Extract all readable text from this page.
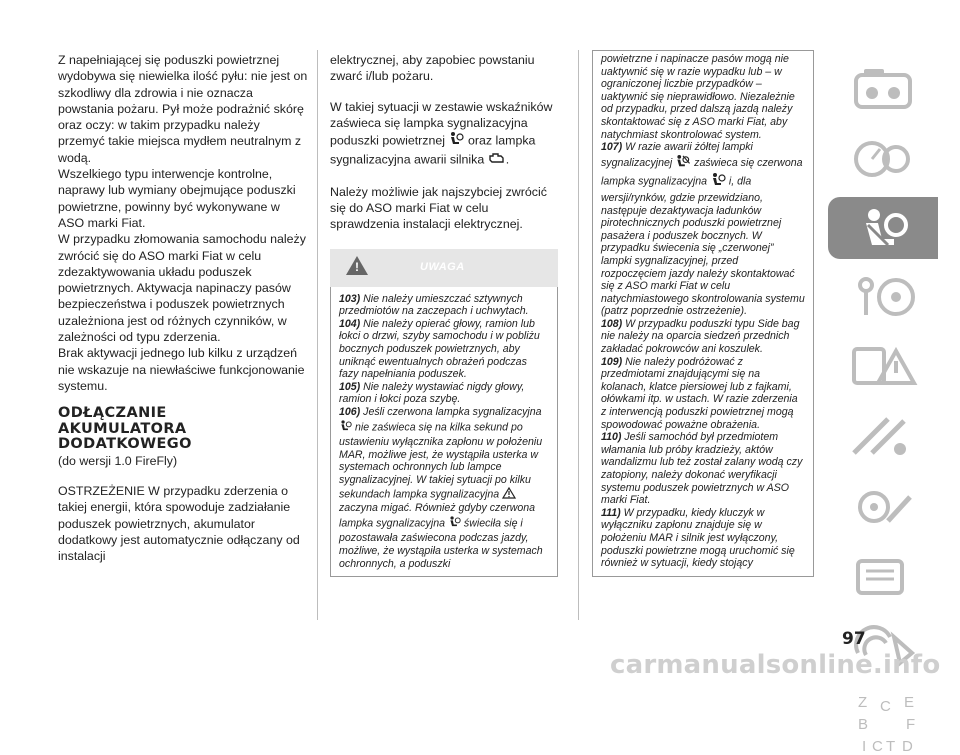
Z napełniającej się poduszki powietrznej wydobywa się niewielka ilość pyłu: nie jest on szkodliwy dla zdrowia i nie oznacza powstania pożaru. Pył może podrażnić skórę oraz oczy: w takim przypadku należy przemyć takie miejsca mydłem neutralnym z wodą.

Wszelkiego typu interwencje kontrolne, naprawy lub wymiany obejmujące poduszki powietrzne, powinny być wykonywane w ASO marki Fiat.

W przypadku złomowania samochodu należy zwrócić się do ASO marki Fiat w celu zdezaktywowania układu poduszek powietrznych. Aktywacja napinaczy pasów bezpieczeństwa i poduszek powietrznych uzależniona jest od różnych czynników, w zależności od typu zderzenia.

Brak aktywacji jednego lub kilku z urządzeń nie wskazuje na niewłaściwe funkcjonowanie systemu.

ODŁĄCZANIE
AKUMULATORA
DODATKOWEGO

(do wersji 1.0 FireFly)

OSTRZEŻENIE W przypadku zderzenia o takiej energii, która spowoduje zadziałanie poduszek powietrznych, akumulator dodatkowy jest automatycznie odłączany od instalacji

elektrycznej, aby zapobiec powstaniu zwarć i/lub pożaru.

W takiej sytuacji w zestawie wskaźników zaświeca się lampka sygnalizacyjna poduszki powietrznej oraz lampka sygnalizacyjna awarii silnika .

Należy możliwie jak najszybciej zwrócić się do ASO marki Fiat w celu sprawdzenia instalacji elektrycznej.

!	UWAGA

103) Nie należy umieszczać sztywnych przedmiotów na zaczepach i uchwytach.

104) Nie należy opierać głowy, ramion lub łokci o drzwi, szyby samochodu i w pobliżu bocznych poduszek powietrznych, aby uniknąć ewentualnych obrażeń podczas fazy napełniania poduszek.

105) Nie należy wystawiać nigdy głowy, ramion i łokci poza szybę.

106) Jeśli czerwona lampka sygnalizacyjna  nie zaświeca się na kilka sekund po ustawieniu wyłącznika zapłonu w położeniu MAR, możliwe jest, że wystąpiła usterka w systemach ochronnych lub lampce sygnalizacyjnej. W takiej sytuacji po kilku sekundach lampka sygnalizacyjna  zaczyna migać. Również gdyby czerwona lampka sygnalizacyjna świeciła się i pozostawała zaświecona podczas jazdy, możliwe, że wystąpiła usterka w systemach ochronnych, a poduszki

powietrzne i napinacze pasów mogą nie uaktywnić się w razie wypadku lub – w ograniczonej liczbie przypadków – uaktywnić się nieprawidłowo. Niezależnie od przypadku, przed dalszą jazdą należy skontaktować się z ASO marki Fiat, aby natychmiast skontrolować system.

107) W razie awarii żółtej lampki sygnalizacyjnej zaświeca się czerwona lampka sygnalizacyjna i, dla wersji/rynków, gdzie przewidziano, następuje dezaktywacja ładunków pirotechnicznych poduszki powietrznej pasażera i poduszek bocznych. W przypadku świecenia się „czerwonej” lampki sygnalizacyjnej, przed rozpoczęciem jazdy należy skontaktować się z ASO marki Fiat w celu natychmiastowego skontrolowania systemu (patrz poprzednie ostrzeżenie).

108) W przypadku poduszki typu Side bag nie należy na oparcia siedzeń przednich zakładać pokrowców ani koszulek.

109) Nie należy podróżować z przedmiotami znajdującymi się na kolanach, klatce piersiowej lub z fajkami, ołówkami itp. w ustach. W razie zderzenia z interwencją poduszki powietrznej mogą spowodować poważne obrażenia.

110) Jeśli samochód był przedmiotem włamania lub próby kradzieży, aktów wandalizmu lub też został zalany wodą czy zatopiony, należy dokonać weryfikacji systemu poduszek powietrznych w ASO marki Fiat.

111) W przypadku, kiedy kluczyk w wyłączniku zapłonu znajduje się w położeniu MAR i silnik jest wyłączony, poduszki powietrzne mogą uruchomić się również w sytuacji, kiedy stojący

Z C E
B	F
I C T D
97
carmanualsonline.info
